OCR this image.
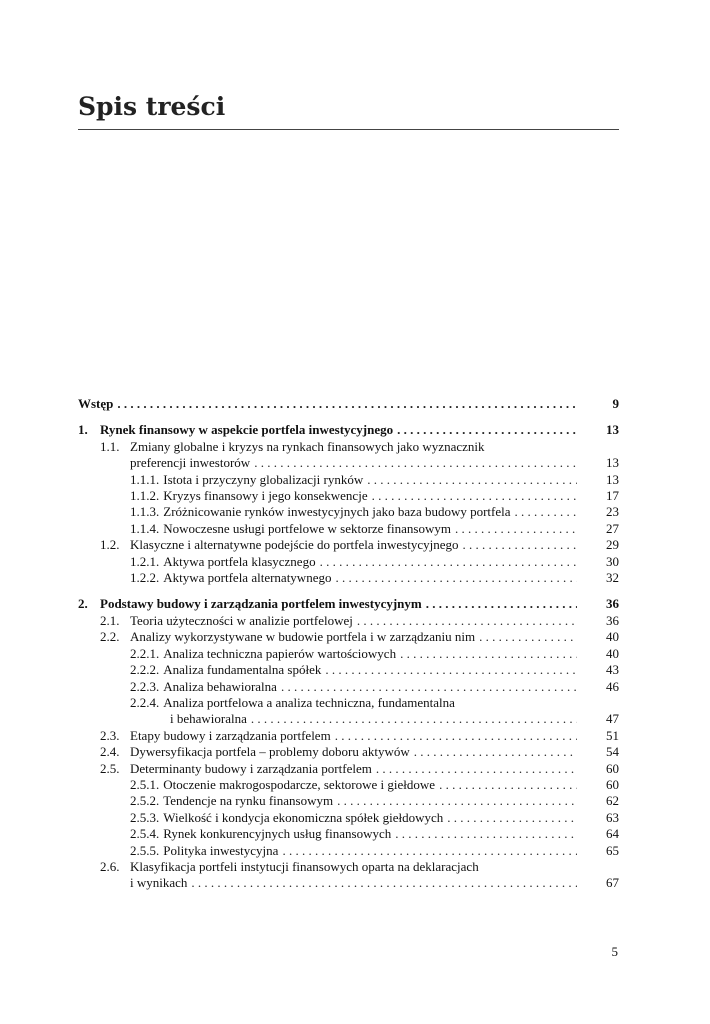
Spis treści
Wstęp . . .	9
1. Rynek finansowy w aspekcie portfela inwestycyjnego . . .	13
1.1. Zmiany globalne i kryzys na rynkach finansowych jako wyznacznik
preferencji inwestorów . . .	13
1.1.1. Istota i przyczyny globalizacji rynków . . .	13
1.1.2. Kryzys finansowy i jego konsekwencje . . .	17
1.1.3. Zróżnicowanie rynków inwestycyjnych jako baza budowy portfela . . .	23
1.1.4. Nowoczesne usługi portfelowe w sektorze finansowym . . .	27
1.2. Klasyczne i alternatywne podejście do portfela inwestycyjnego . . .	29
1.2.1. Aktywa portfela klasycznego . . .	30
1.2.2. Aktywa portfela alternatywnego . . .	32
2. Podstawy budowy i zarządzania portfelem inwestycyjnym . . .	36
2.1. Teoria użyteczności w analizie portfelowej . . .	36
2.2. Analizy wykorzystywane w budowie portfela i w zarządzaniu nim . . .	40
2.2.1. Analiza techniczna papierów wartościowych . . .	40
2.2.2. Analiza fundamentalna spółek . . .	43
2.2.3. Analiza behawioralna . . .	46
2.2.4. Analiza portfelowa a analiza techniczna, fundamentalna
i behawioralna . . .	47
2.3. Etapy budowy i zarządzania portfelem . . .	51
2.4. Dywersyfikacja portfela – problemy doboru aktywów . . .	54
2.5. Determinanty budowy i zarządzania portfelem . . .	60
2.5.1. Otoczenie makrogospodarcze, sektorowe i giełdowe . . .	60
2.5.2. Tendencje na rynku finansowym . . .	62
2.5.3. Wielkość i kondycja ekonomiczna spółek giełdowych . . .	63
2.5.4. Rynek konkurencyjnych usług finansowych . . .	64
2.5.5. Polityka inwestycyjna . . .	65
2.6. Klasyfikacja portfeli instytucji finansowych oparta na deklaracjach
i wynikach . . .	67
5
